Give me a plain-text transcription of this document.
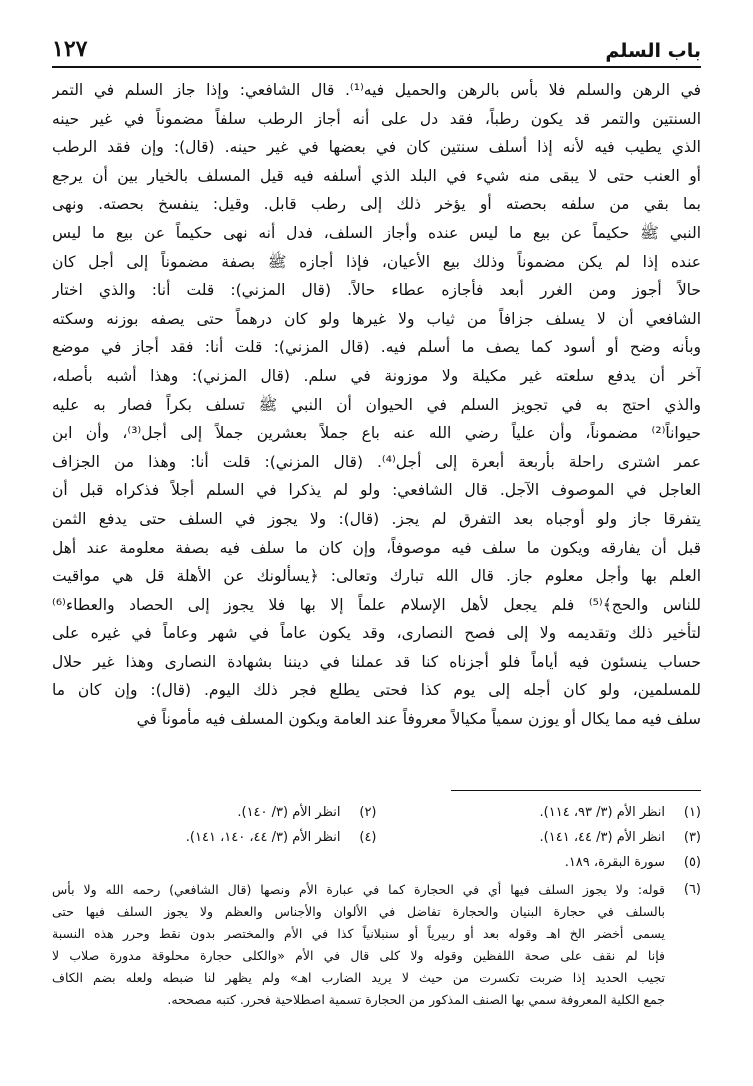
١٢٧	باب السلم
في الرهن والسلم فلا بأس بالرهن والحميل فيه⁽¹⁾. قال الشافعي: وإذا جاز السلم في التمر
السنتين والتمر قد يكون رطباً، فقد دل على أنه أجاز الرطب سلفاً مضموناً في غير حينه
الذي يطيب فيه لأنه إذا أسلف سنتين كان في بعضها في غير حينه. (قال): وإن فقد الرطب
أو العنب حتى لا يبقى منه شيء في البلد الذي أسلفه فيه قيل المسلف بالخيار بين أن يرجع
بما بقي من سلفه بحصته أو يؤخر ذلك إلى رطب قابل. وقيل: ينفسخ بحصته. ونهى
النبي ﷺ حكيماً عن بيع ما ليس عنده وأجاز السلف، فدل أنه نهى حكيماً عن بيع ما ليس
عنده إذا لم يكن مضموناً وذلك بيع الأعيان، فإذا أجازه ﷺ بصفة مضموناً إلى أجل كان
حالاً أجوز ومن الغرر أبعد فأجازه عطاء حالاً. (قال المزني): قلت أنا: والذي اختار
الشافعي أن لا يسلف جزافاً من ثياب ولا غيرها ولو كان درهماً حتى يصفه بوزنه وسكته
وبأنه وضح أو أسود كما يصف ما أسلم فيه. (قال المزني): قلت أنا: فقد أجاز في موضع
آخر أن يدفع سلعته غير مكيلة ولا موزونة في سلم. (قال المزني): وهذا أشبه بأصله،
والذي احتج به في تجويز السلم في الحيوان أن النبي ﷺ تسلف بكراً فصار به عليه
حيواناً⁽²⁾ مضموناً، وأن علياً رضي الله عنه باع جملاً بعشرين جملاً إلى أجل⁽³⁾، وأن ابن
عمر اشترى راحلة بأربعة أبعرة إلى أجل⁽⁴⁾. (قال المزني): قلت أنا: وهذا من الجزاف
العاجل في الموصوف الآجل. قال الشافعي: ولو لم يذكرا في السلم أجلاً فذكراه قبل أن
يتفرقا جاز ولو أوجباه بعد التفرق لم يجز. (قال): ولا يجوز في السلف حتى يدفع الثمن
قبل أن يفارقه ويكون ما سلف فيه موصوفاً، وإن كان ما سلف فيه بصفة معلومة عند أهل
العلم بها وأجل معلوم جاز. قال الله تبارك وتعالى: ﴿يسألونك عن الأهلة قل هي مواقيت
للناس والحج﴾⁽⁵⁾ فلم يجعل لأهل الإسلام علماً إلا بها فلا يجوز إلى الحصاد والعطاء⁽⁶⁾
لتأخير ذلك وتقديمه ولا إلى فصح النصارى، وقد يكون عاماً في شهر وعاماً في غيره على
حساب ينسئون فيه أياماً فلو أجزناه كنا قد عملنا في ديننا بشهادة النصارى وهذا غير حلال
للمسلمين، ولو كان أجله إلى يوم كذا فحتى يطلع فجر ذلك اليوم. (قال): وإن كان ما
سلف فيه مما يكال أو يوزن سمياً مكيالاً معروفاً عند العامة ويكون المسلف فيه مأموناً في
(١)
انظر الأم (٣/ ٩٣، ١١٤).
(٢)
انظر الأم (٣/ ١٤٠).
(٣)
انظر الأم (٣/ ٤٤، ١٤١).
(٤)
انظر الأم (٣/ ٤٤، ١٤٠، ١٤١).
(٥)
سورة البقرة، ١٨٩.
(٦)
قوله: ولا يجوز السلف فيها أي في الحجارة كما في عبارة الأم ونصها (قال الشافعي) رحمه الله ولا بأس
بالسلف في حجارة البنيان والحجارة تفاضل في الألوان والأجناس والعظم ولا يجوز السلف فيها حتى
يسمى أخضر الخ اهـ وقوله بعد أو ربيرياً أو سنبلانياً كذا في الأم والمختصر بدون نقط وحرر هذه النسبة
فإنا لم نقف على صحة اللفظين وقوله ولا كلى قال في الأم «والكلى حجارة محلوقة مدورة صلاب لا
تجيب الحديد إذا ضربت تكسرت من حيث لا يريد الضارب اهـ» ولم يظهر لنا ضبطه ولعله بضم الكاف
جمع الكلية المعروفة سمي بها الصنف المذكور من الحجارة تسمية اصطلاحية فحرر. كتبه مصححه.
